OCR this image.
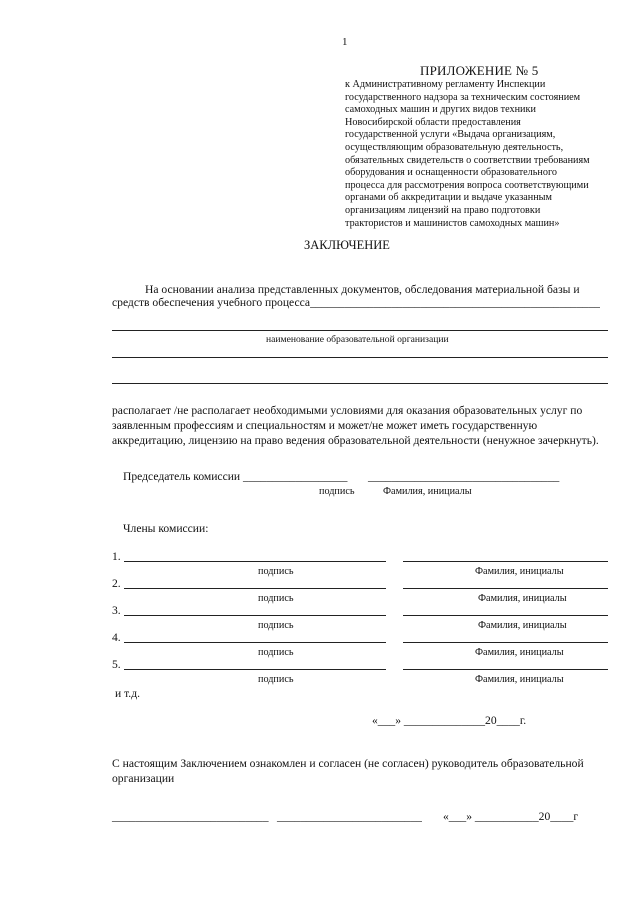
1
ПРИЛОЖЕНИЕ № 5
к Административному регламенту Инспекции
государственного надзора за техническим состоянием
самоходных машин и других видов техники
Новосибирской области предоставления
государственной услуги «Выдача организациям,
осуществляющим образовательную деятельность,
обязательных свидетельств о соответствии требованиям
оборудования и оснащенности образовательного
процесса для рассмотрения вопроса соответствующими
органами об аккредитации и выдаче указанным
организациям лицензий на право подготовки
трактористов и машинистов самоходных машин»
ЗАКЛЮЧЕНИЕ
На основании анализа представленных документов, обследования материальной базы и
средств обеспечения учебного процесса__________________________________________________
наименование образовательной организации
располагает /не располагает необходимыми условиями для оказания образовательных услуг по
заявленным профессиям и специальностям и может/не может иметь государственную
аккредитацию, лицензию на право ведения образовательной деятельности (ненужное зачеркнуть).
Председатель комиссии __________________ _________________________________
подпись	Фамилия, инициалы
Члены комиссии:
1.
подпись	Фамилия, инициалы
2.
подпись	Фамилия, инициалы
3.
подпись	Фамилия, инициалы
4.
подпись	Фамилия, инициалы
5.
подпись	Фамилия, инициалы
и т.д.
«___» ______________20____г.
С настоящим Заключением ознакомлен и согласен (не согласен) руководитель образовательной
организации
___________________________ _________________________ «___» ___________20____г
